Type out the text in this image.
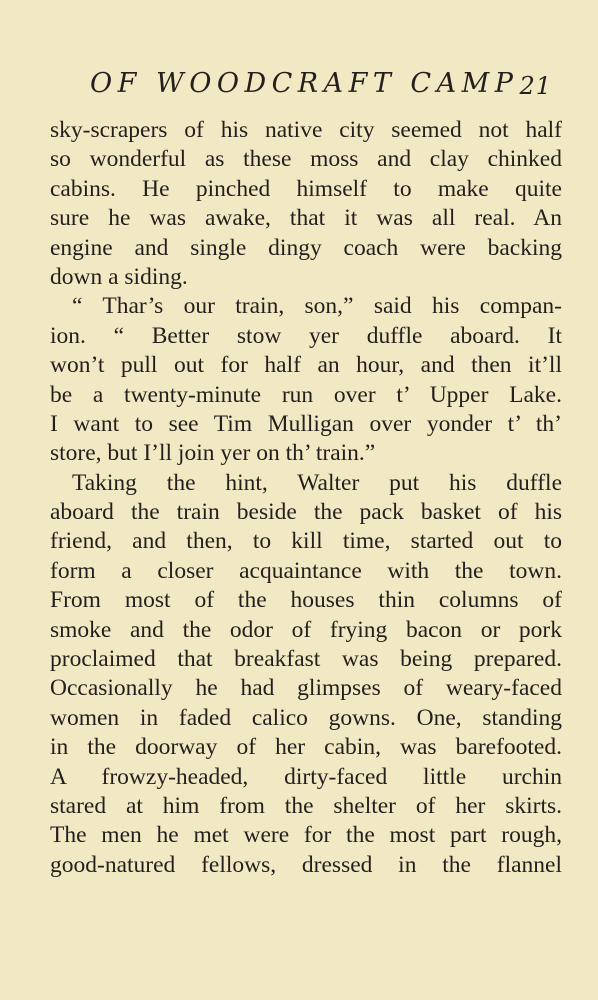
OF WOODCRAFT CAMP 21
sky-scrapers of his native city seemed not half
so wonderful as these moss and clay chinked
cabins. He pinched himself to make quite
sure he was awake, that it was all real. An
engine and single dingy coach were backing
down a siding.
“ Thar’s our train, son,” said his compan-
ion. “ Better stow yer duffle aboard. It
won’t pull out for half an hour, and then it’ll
be a twenty-minute run over t’ Upper Lake.
I want to see Tim Mulligan over yonder t’ th’
store, but I’ll join yer on th’ train.”
Taking the hint, Walter put his duffle
aboard the train beside the pack basket of his
friend, and then, to kill time, started out to
form a closer acquaintance with the town.
From most of the houses thin columns of
smoke and the odor of frying bacon or pork
proclaimed that breakfast was being prepared.
Occasionally he had glimpses of weary-faced
women in faded calico gowns. One, standing
in the doorway of her cabin, was barefooted.
A frowzy-headed, dirty-faced little urchin
stared at him from the shelter of her skirts.
The men he met were for the most part rough,
good-natured fellows, dressed in the flannel
